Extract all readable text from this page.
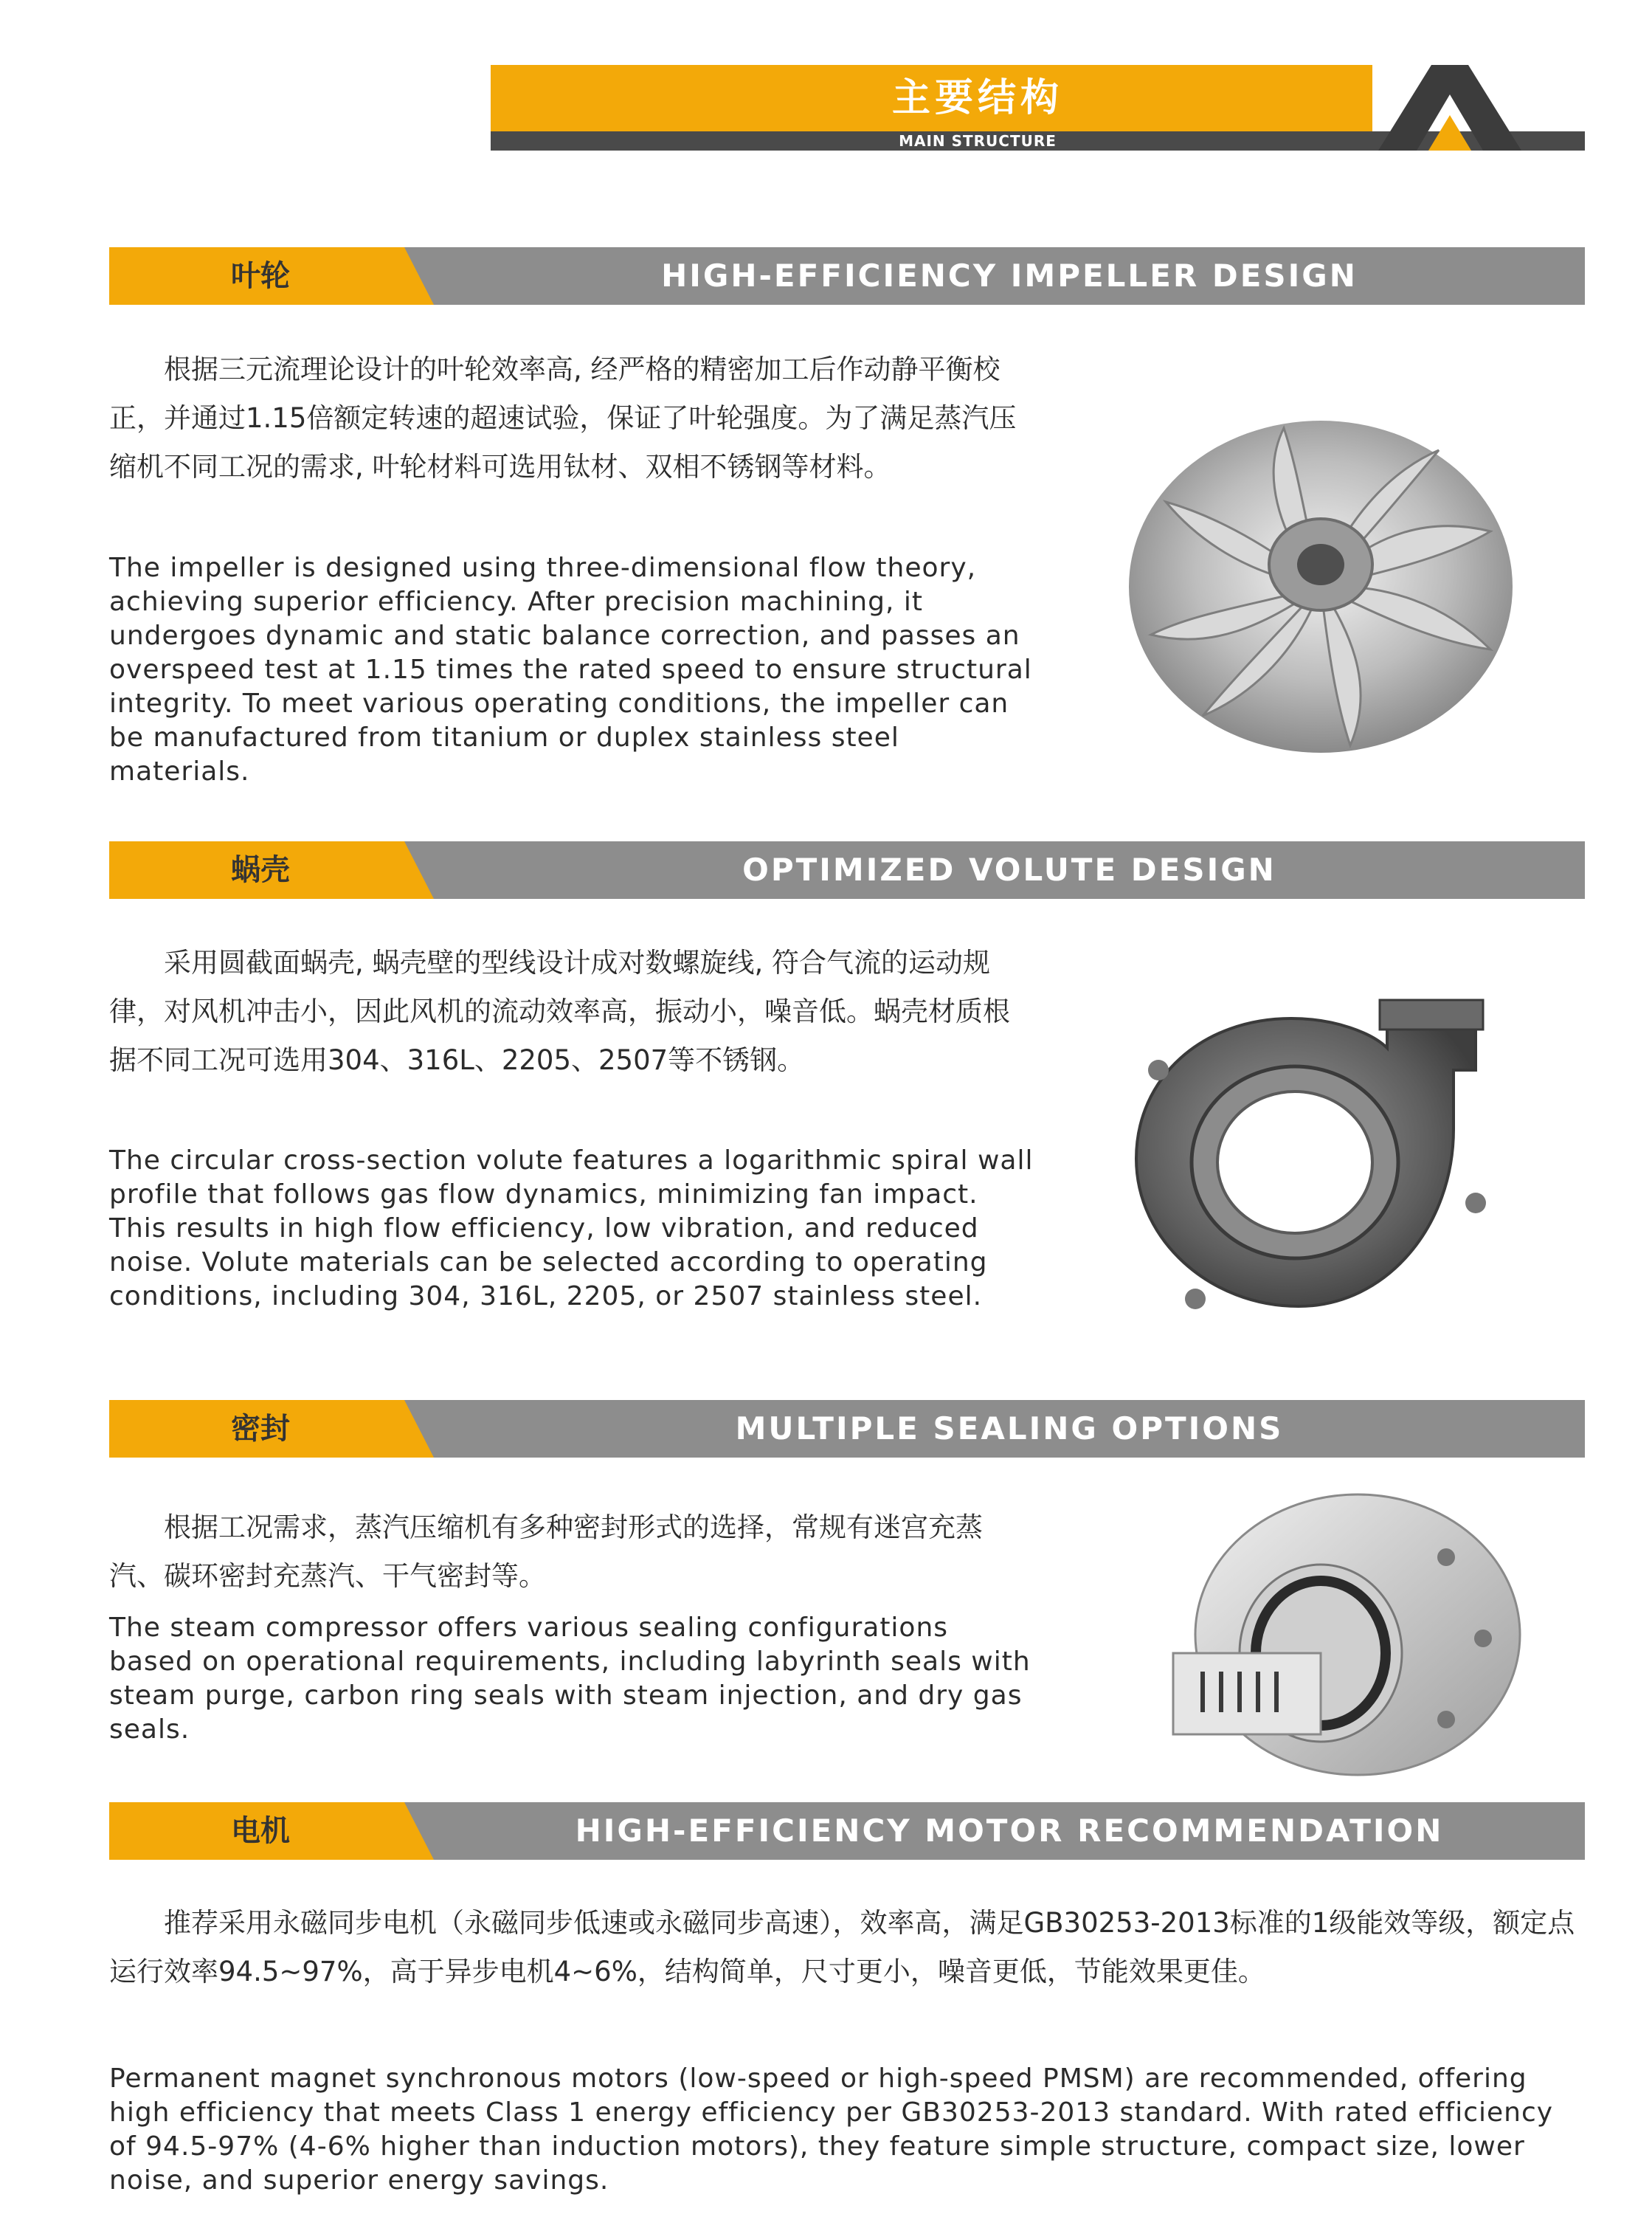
主要结构
MAIN STRUCTURE
叶轮	HIGH-EFFICIENCY IMPELLER DESIGN

根据三元流理论设计的叶轮效率高, 经严格的精密加工后作动静平衡校正，并通过1.15倍额定转速的超速试验，保证了叶轮强度。为了满足蒸汽压缩机不同工况的需求, 叶轮材料可选用钛材、双相不锈钢等材料。

The impeller is designed using three-dimensional flow theory, achieving superior efficiency. After precision machining, it undergoes dynamic and static balance correction, and passes an overspeed test at 1.15 times the rated speed to ensure structural integrity. To meet various operating conditions, the impeller can be manufactured from titanium or duplex stainless steel materials.

蜗壳	OPTIMIZED VOLUTE DESIGN

采用圆截面蜗壳, 蜗壳壁的型线设计成对数螺旋线, 符合气流的运动规律，对风机冲击小，因此风机的流动效率高，振动小，噪音低。蜗壳材质根据不同工况可选用304、316L、2205、2507等不锈钢。

The circular cross-section volute features a logarithmic spiral wall profile that follows gas flow dynamics, minimizing fan impact. This results in high flow efficiency, low vibration, and reduced noise. Volute materials can be selected according to operating conditions, including 304, 316L, 2205, or 2507 stainless steel.

密封	MULTIPLE SEALING OPTIONS

根据工况需求，蒸汽压缩机有多种密封形式的选择，常规有迷宫充蒸汽、碳环密封充蒸汽、干气密封等。

The steam compressor offers various sealing configurations based on operational requirements, including labyrinth seals with steam purge, carbon ring seals with steam injection, and dry gas seals.

电机	HIGH-EFFICIENCY MOTOR RECOMMENDATION

推荐采用永磁同步电机（永磁同步低速或永磁同步高速），效率高，满足GB30253-2013标准的1级能效等级，额定点运行效率94.5~97%，高于异步电机4~6%，结构简单，尺寸更小，噪音更低，节能效果更佳。

Permanent magnet synchronous motors (low-speed or high-speed PMSM) are recommended, offering high efficiency that meets Class 1 energy efficiency per GB30253-2013 standard. With rated efficiency of 94.5-97% (4-6% higher than induction motors), they feature simple structure, compact size, lower noise, and superior energy savings.
